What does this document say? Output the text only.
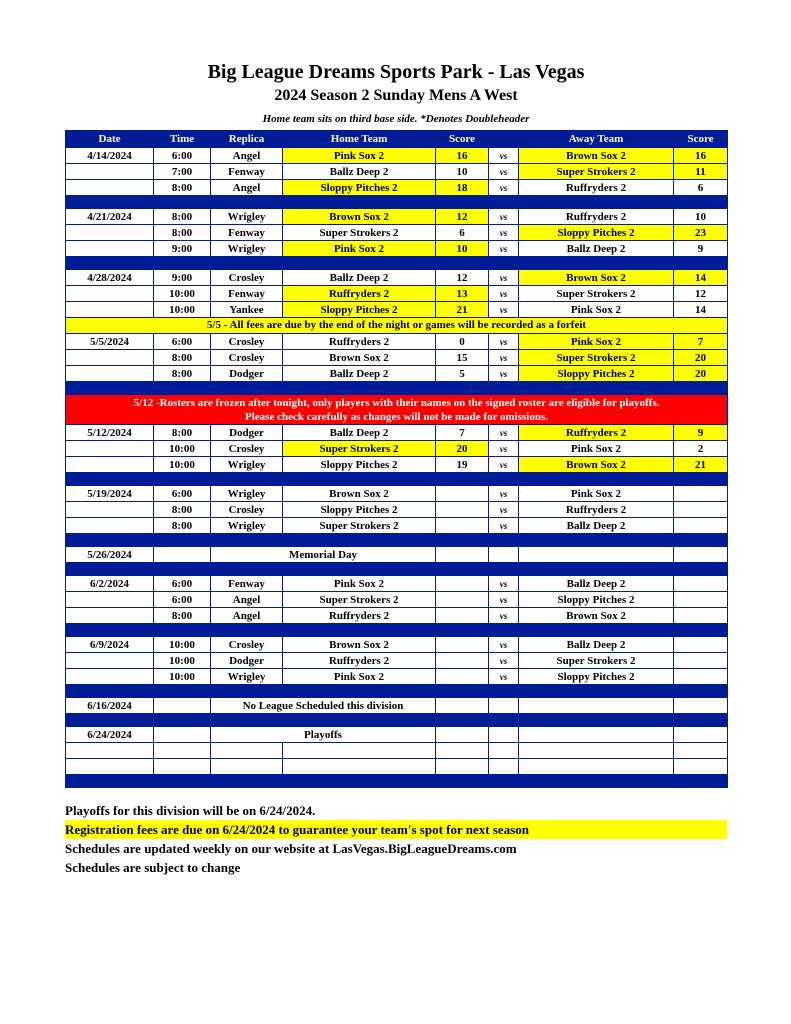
Big League Dreams Sports Park - Las Vegas
2024 Season 2 Sunday Mens A West
Home team sits on third base side. *Denotes Doubleheader
Date	Time	Replica	Home Team	Score		Away Team	Score
4/14/2024	6:00	Angel	Pink Sox 2	16	vs	Brown Sox 2	16
	7:00	Fenway	Ballz Deep 2	10	vs	Super Strokers 2	11
	8:00	Angel	Sloppy Pitches 2	18	vs	Ruffryders 2	6

4/21/2024	8:00	Wrigley	Brown Sox 2	12	vs	Ruffryders 2	10
	8:00	Fenway	Super Strokers 2	6	vs	Sloppy Pitches 2	23
	9:00	Wrigley	Pink Sox 2	10	vs	Ballz Deep 2	9

4/28/2024	9:00	Crosley	Ballz Deep 2	12	vs	Brown Sox 2	14
	10:00	Fenway	Ruffryders 2	13	vs	Super Strokers 2	12
	10:00	Yankee	Sloppy Pitches 2	21	vs	Pink Sox 2	14

5/5 - All fees are due by the end of the night or games will be recorded as a forfeit							

5/5/2024	6:00	Crosley	Ruffryders 2	0	vs	Pink Sox 2	7
	8:00	Crosley	Brown Sox 2	15	vs	Super Strokers 2	20
	8:00	Dodger	Ballz Deep 2	5	vs	Sloppy Pitches 2	20

5/12 -Rosters are frozen after tonight, only players with their names on the signed roster are eligible for playoffs.
Please check carefully as changes will not be made for omissions.							

5/12/2024	8:00	Dodger	Ballz Deep 2	7	vs	Ruffryders 2	9
	10:00	Crosley	Super Strokers 2	20	vs	Pink Sox 2	2
	10:00	Wrigley	Sloppy Pitches 2	19	vs	Brown Sox 2	21

5/19/2024	6:00	Wrigley	Brown Sox 2		vs	Pink Sox 2	
	8:00	Crosley	Sloppy Pitches 2		vs	Ruffryders 2	
	8:00	Wrigley	Super Strokers 2		vs	Ballz Deep 2	

5/26/2024		Memorial Day					

6/2/2024	6:00	Fenway	Pink Sox 2		vs	Ballz Deep 2	
	6:00	Angel	Super Strokers 2		vs	Sloppy Pitches 2	
	8:00	Angel	Ruffryders 2		vs	Brown Sox 2	

6/9/2024	10:00	Crosley	Brown Sox 2		vs	Ballz Deep 2	
	10:00	Dodger	Ruffryders 2		vs	Super Strokers 2	
	10:00	Wrigley	Pink Sox 2		vs	Sloppy Pitches 2	

6/16/2024		No League Scheduled this division					

6/24/2024		Playoffs					

Playoffs for this division will be on 6/24/2024.
Registration fees are due on 6/24/2024 to guarantee your team's spot for next season
Schedules are updated weekly on our website at LasVegas.BigLeagueDreams.com
Schedules are subject to change
